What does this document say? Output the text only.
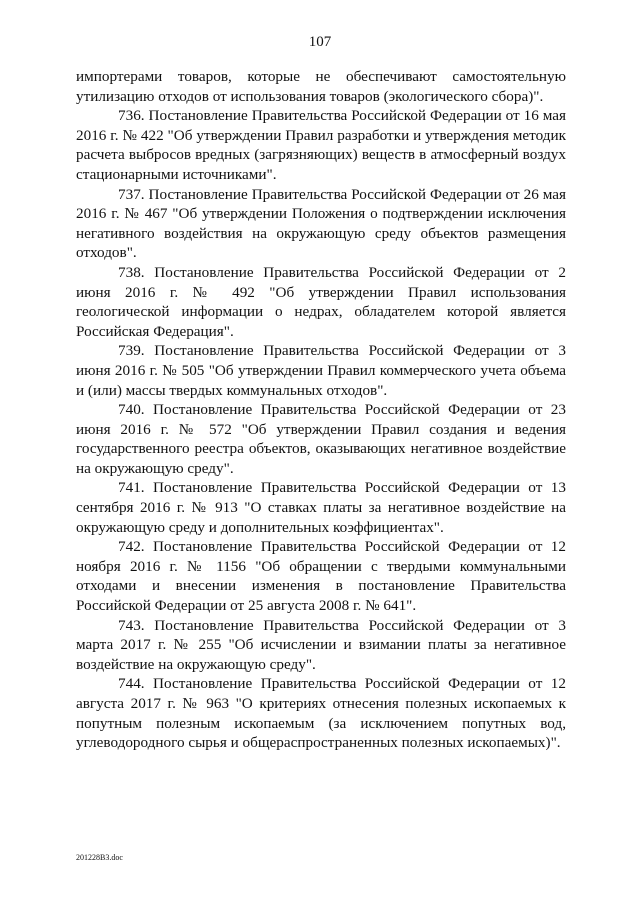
107

импортерами товаров, которые не обеспечивают самостоятельную утилизацию отходов от использования товаров (экологического сбора)".

736. Постановление Правительства Российской Федерации от 16 мая 2016 г. № 422 "Об утверждении Правил разработки и утверждения методик расчета выбросов вредных (загрязняющих) веществ в атмосферный воздух стационарными источниками".

737. Постановление Правительства Российской Федерации от 26 мая 2016 г. № 467 "Об утверждении Положения о подтверждении исключения негативного воздействия на окружающую среду объектов размещения отходов".

738. Постановление Правительства Российской Федерации от 2 июня 2016 г. № 492 "Об утверждении Правил использования геологической информации о недрах, обладателем которой является Российская Федерация".

739. Постановление Правительства Российской Федерации от 3 июня 2016 г. № 505 "Об утверждении Правил коммерческого учета объема и (или) массы твердых коммунальных отходов".

740. Постановление Правительства Российской Федерации от 23 июня 2016 г. № 572 "Об утверждении Правил создания и ведения государственного реестра объектов, оказывающих негативное воздействие на окружающую среду".

741. Постановление Правительства Российской Федерации от 13 сентября 2016 г. № 913 "О ставках платы за негативное воздействие на окружающую среду и дополнительных коэффициентах".

742. Постановление Правительства Российской Федерации от 12 ноября 2016 г. № 1156 "Об обращении с твердыми коммунальными отходами и внесении изменения в постановление Правительства Российской Федерации от 25 августа 2008 г. № 641".

743. Постановление Правительства Российской Федерации от 3 марта 2017 г. № 255 "Об исчислении и взимании платы за негативное воздействие на окружающую среду".

744. Постановление Правительства Российской Федерации от 12 августа 2017 г. № 963 "О критериях отнесения полезных ископаемых к попутным полезным ископаемым (за исключением попутных вод, углеводородного сырья и общераспространенных полезных ископаемых)".

201228B3.doc
